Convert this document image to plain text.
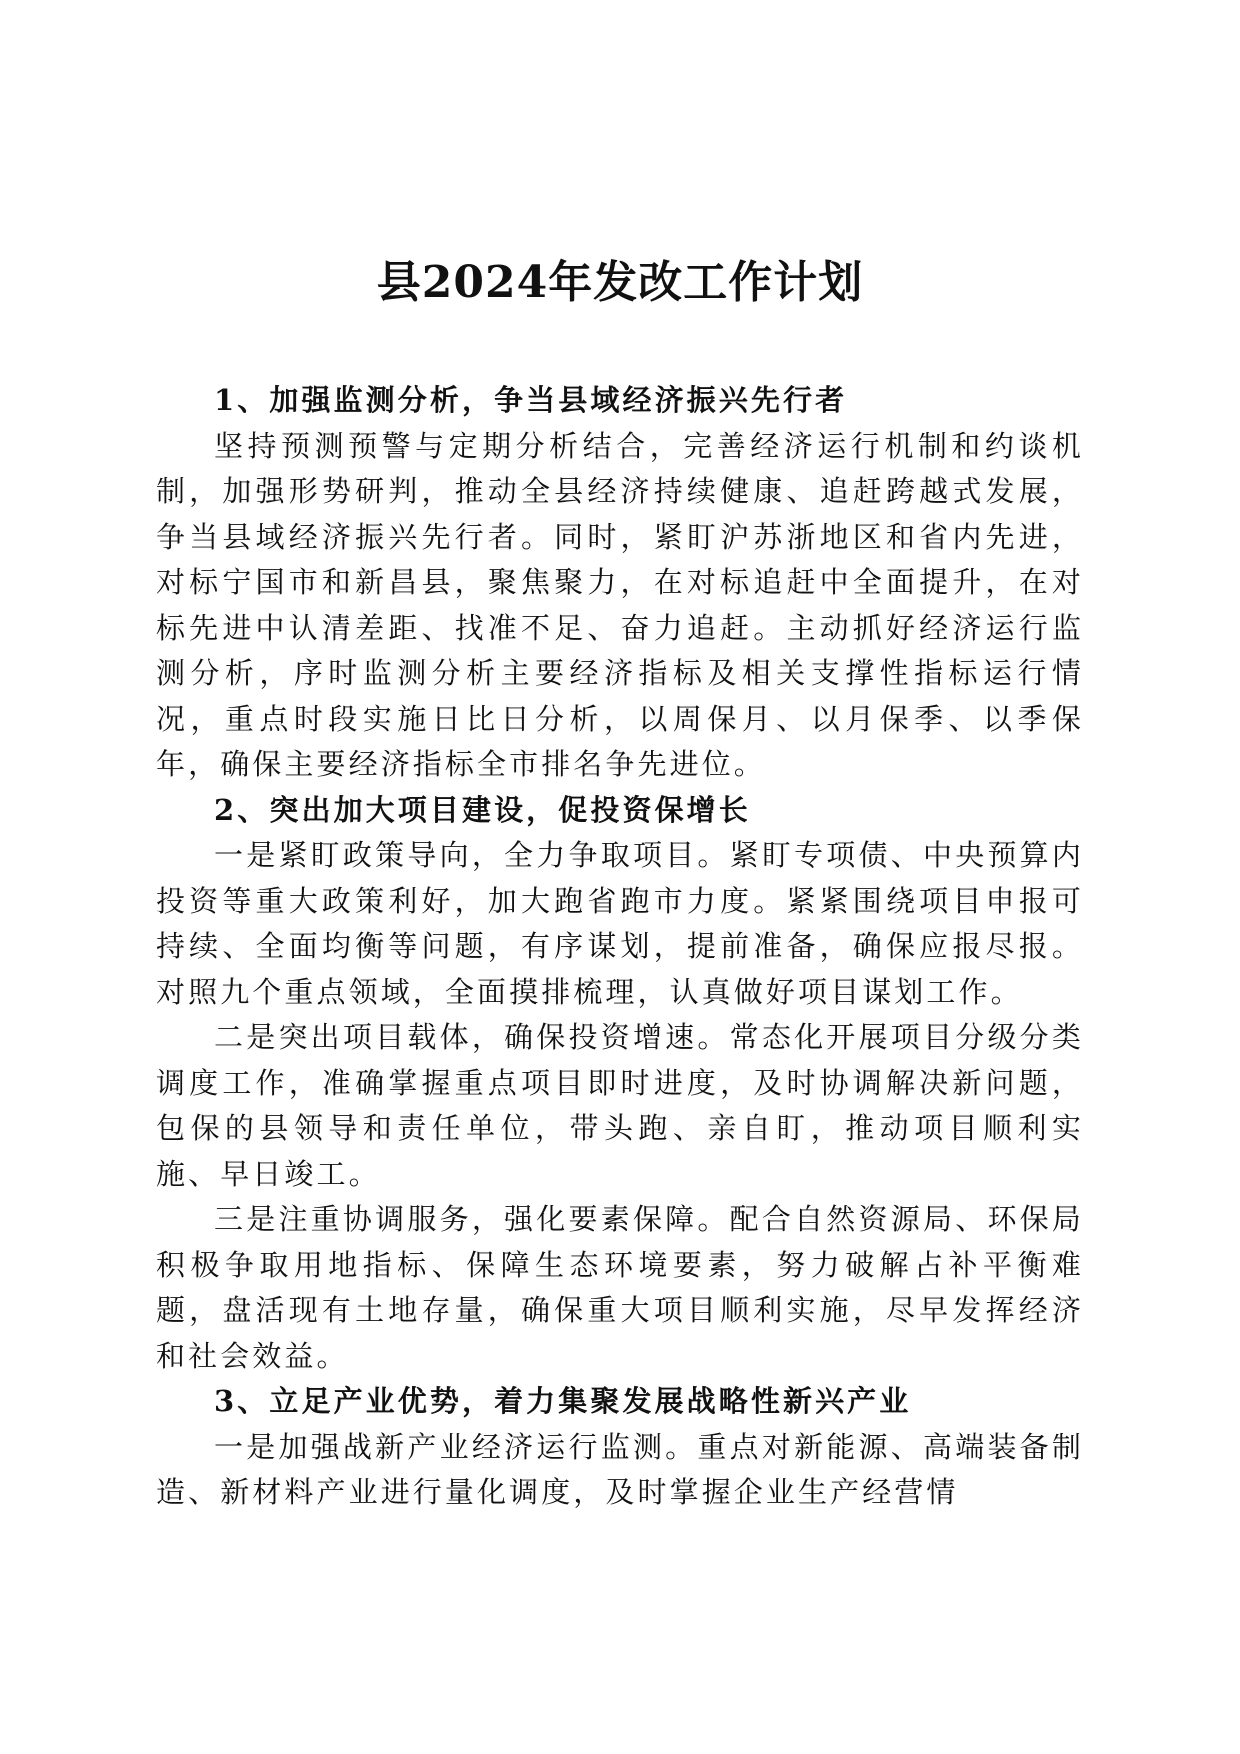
县2024年发改工作计划

1、加强监测分析，争当县域经济振兴先行者

坚持预测预警与定期分析结合，完善经济运行机制和约谈机制，加强形势研判，推动全县经济持续健康、追赶跨越式发展，争当县域经济振兴先行者。同时，紧盯沪苏浙地区和省内先进，对标宁国市和新昌县，聚焦聚力，在对标追赶中全面提升，在对标先进中认清差距、找准不足、奋力追赶。主动抓好经济运行监测分析，序时监测分析主要经济指标及相关支撑性指标运行情况，重点时段实施日比日分析，以周保月、以月保季、以季保年，确保主要经济指标全市排名争先进位。

2、突出加大项目建设，促投资保增长

一是紧盯政策导向，全力争取项目。紧盯专项债、中央预算内投资等重大政策利好，加大跑省跑市力度。紧紧围绕项目申报可持续、全面均衡等问题，有序谋划，提前准备，确保应报尽报。对照九个重点领域，全面摸排梳理，认真做好项目谋划工作。

二是突出项目载体，确保投资增速。常态化开展项目分级分类调度工作，准确掌握重点项目即时进度，及时协调解决新问题，包保的县领导和责任单位，带头跑、亲自盯，推动项目顺利实施、早日竣工。

三是注重协调服务，强化要素保障。配合自然资源局、环保局积极争取用地指标、保障生态环境要素，努力破解占补平衡难题，盘活现有土地存量，确保重大项目顺利实施，尽早发挥经济和社会效益。

3、立足产业优势，着力集聚发展战略性新兴产业

一是加强战新产业经济运行监测。重点对新能源、高端装备制造、新材料产业进行量化调度，及时掌握企业生产经营情
